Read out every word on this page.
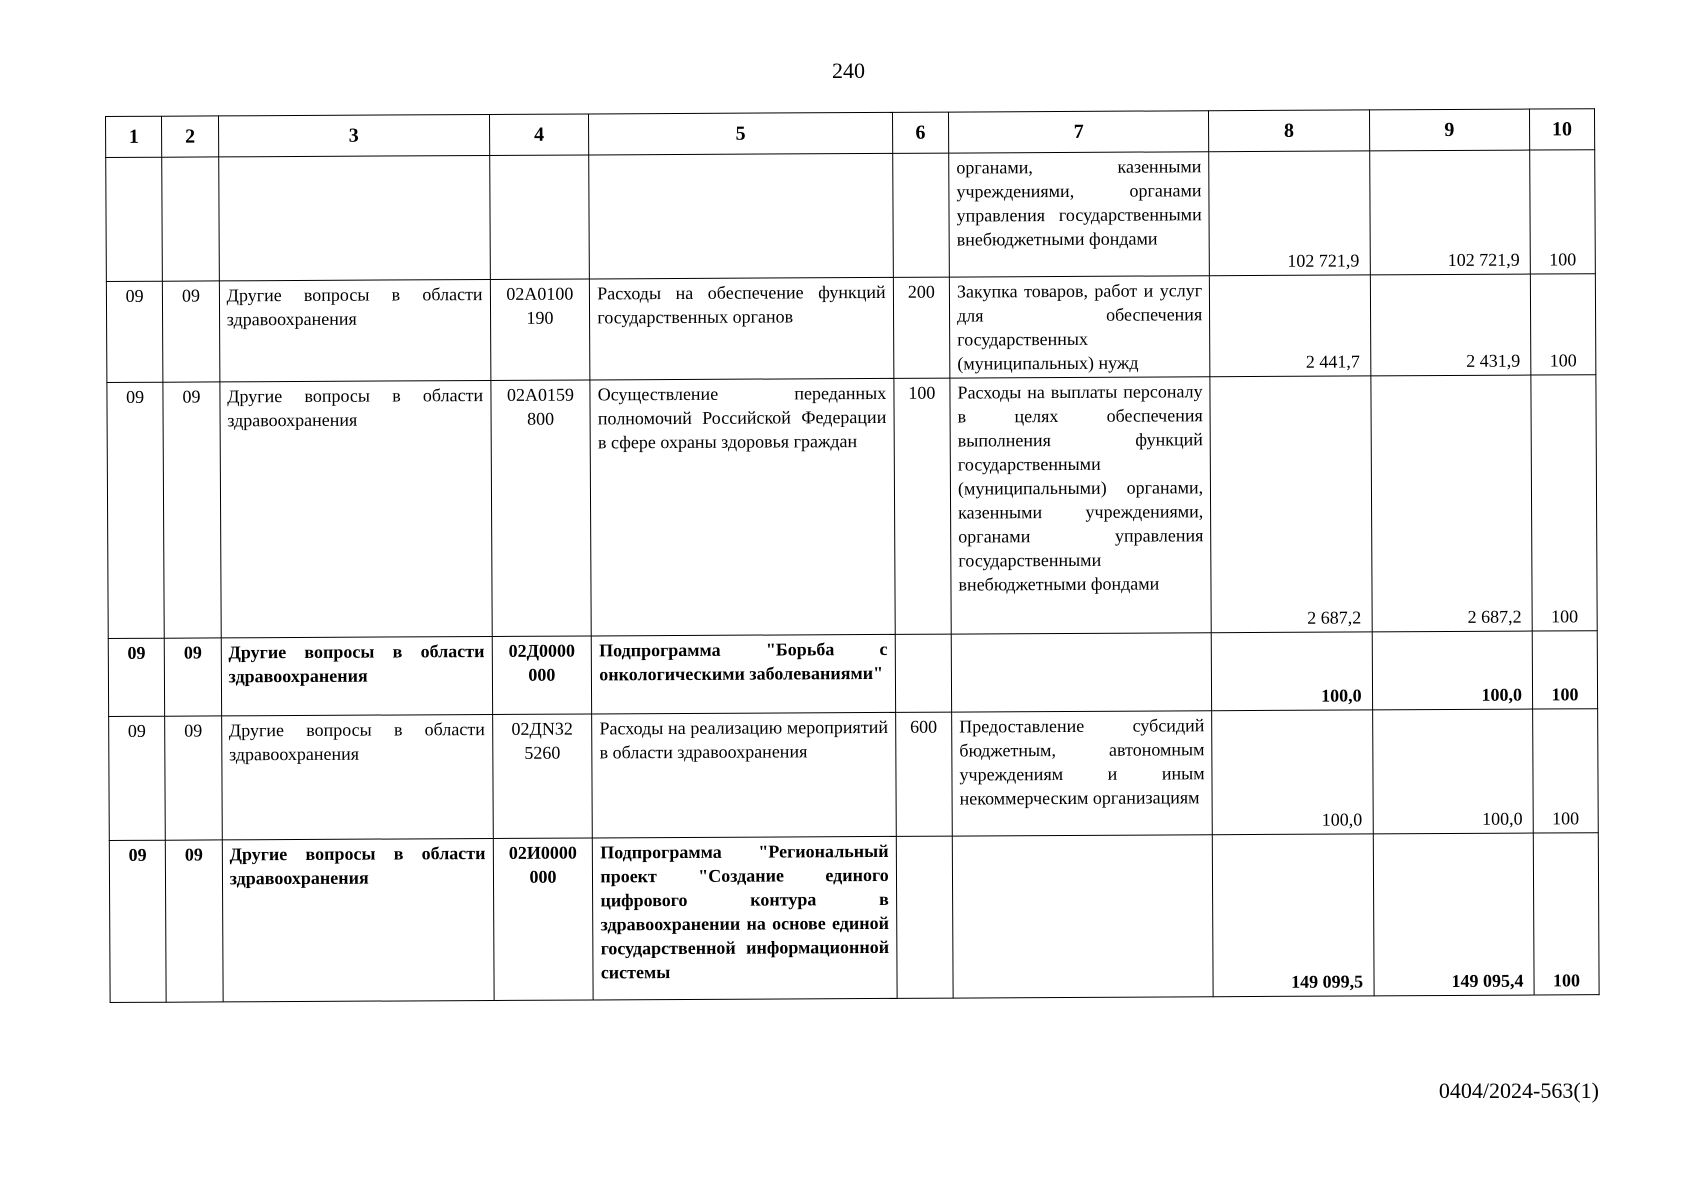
240
1	2	3	4	5	6	7	8	9	10
						органами, казенными учреждениями, органами управления государственными внебюджетными фондами	102 721,9	102 721,9	100
09	09	Другие вопросы в области здравоохранения	02А0100 190	Расходы на обеспечение функций государственных органов	200	Закупка товаров, работ и услуг для обеспечения государственных (муниципальных) нужд	2 441,7	2 431,9	100
09	09	Другие вопросы в области здравоохранения	02А0159 800	Осуществление переданных полномочий Российской Федерации в сфере охраны здоровья граждан	100	Расходы на выплаты персоналу в целях обеспечения выполнения функций государственными (муниципальными) органами, казенными учреждениями, органами управления государственными внебюджетными фондами	2 687,2	2 687,2	100
09	09	Другие вопросы в области здравоохранения	02Д0000 000	Подпрограмма "Борьба с онкологическими заболеваниями"			100,0	100,0	100
09	09	Другие вопросы в области здравоохранения	02ДN32 5260	Расходы на реализацию мероприятий в области здравоохранения	600	Предоставление субсидий бюджетным, автономным учреждениям и иным некоммерческим организациям	100,0	100,0	100
09	09	Другие вопросы в области здравоохранения	02И0000 000	Подпрограмма "Региональный проект "Создание единого цифрового контура в здравоохранении на основе единой государственной информационной системы			149 099,5	149 095,4	100
0404/2024-563(1)
